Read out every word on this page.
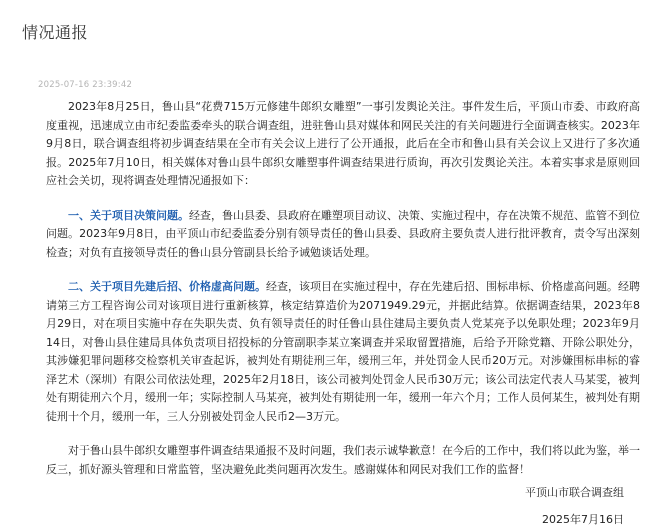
情况通报
2025-07-16 23:39:42

2023年8月25日，鲁山县“花费715万元修建牛郎织女雕塑”一事引发舆论关注。事件发生后，平顶山市委、市政府高度重视，迅速成立由市纪委监委牵头的联合调查组，进驻鲁山县对媒体和网民关注的有关问题进行全面调查核实。2023年9月8日，联合调查组将初步调查结果在全市有关会议上进行了公开通报，此后在全市和鲁山县有关会议上又进行了多次通报。2025年7月10日，相关媒体对鲁山县牛郎织女雕塑事件调查结果进行质询，再次引发舆论关注。本着实事求是原则回应社会关切，现将调查处理情况通报如下：

一、关于项目决策问题。经查，鲁山县委、县政府在雕塑项目动议、决策、实施过程中，存在决策不规范、监管不到位问题。2023年9月8日，由平顶山市纪委监委分别有领导责任的鲁山县委、县政府主要负责人进行批评教育，责令写出深刻检查；对负有直接领导责任的鲁山县分管副县长给予诫勉谈话处理。

二、关于项目先建后招、价格虚高问题。经查，该项目在实施过程中，存在先建后招、围标串标、价格虚高问题。经聘请第三方工程咨询公司对该项目进行重新核算，核定结算造价为2071949.29元，并据此结算。依据调查结果，2023年8月29日，对在项目实施中存在失职失责、负有领导责任的时任鲁山县住建局主要负责人党某亮予以免职处理；2023年9月14日，对鲁山县住建局具体负责项目招投标的分管副职李某立案调查并采取留置措施，后给予开除党籍、开除公职处分，其涉嫌犯罪问题移交检察机关审查起诉，被判处有期徒刑三年，缓刑三年，并处罚金人民币20万元。对涉嫌围标串标的睿泽艺术（深圳）有限公司依法处理，2025年2月18日，该公司被判处罚金人民币30万元；该公司法定代表人马某雯，被判处有期徒刑六个月，缓刑一年；实际控制人马某亮，被判处有期徒刑一年，缓刑一年六个月；工作人员何某生，被判处有期徒刑十个月，缓刑一年，三人分别被处罚金人民币2—3万元。

对于鲁山县牛郎织女雕塑事件调查结果通报不及时问题，我们表示诚挚歉意！在今后的工作中，我们将以此为鉴，举一反三，抓好源头管理和日常监管，坚决避免此类问题再次发生。感谢媒体和网民对我们工作的监督！

平顶山市联合调查组
2025年7月16日
